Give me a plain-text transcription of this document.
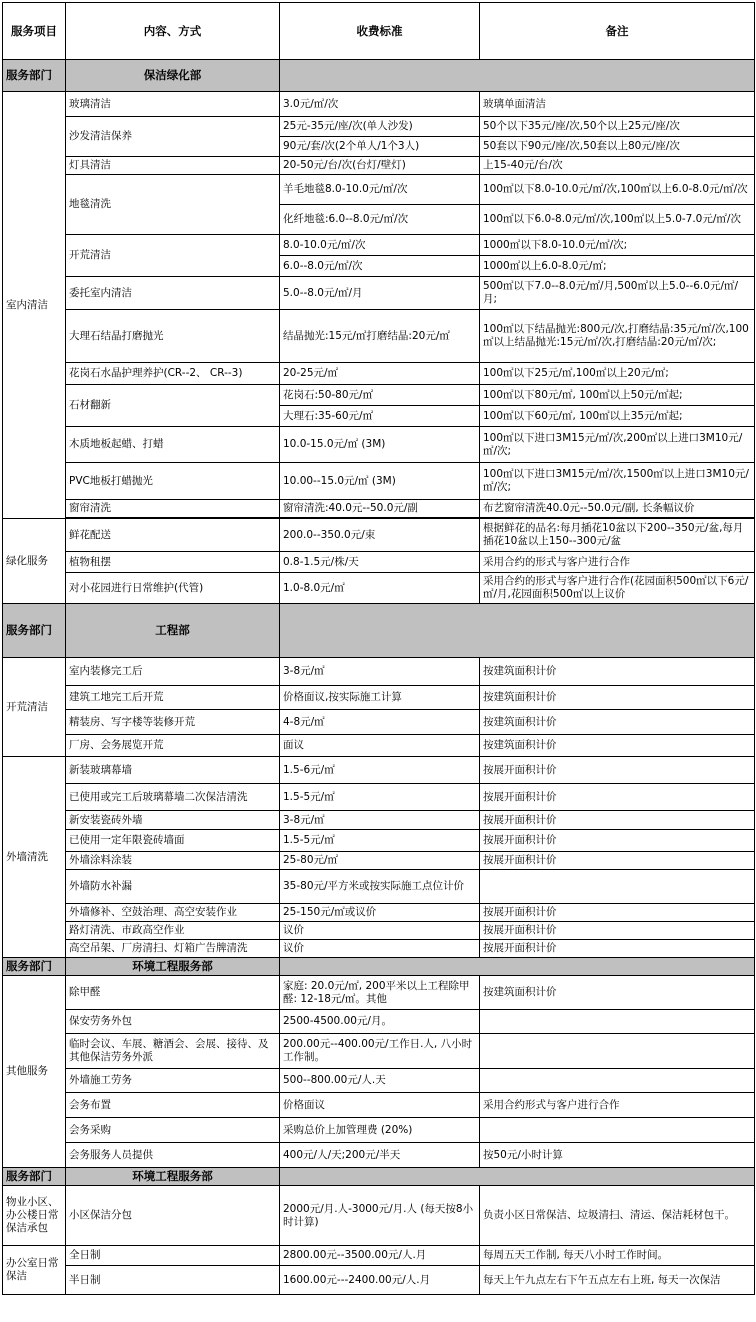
服务项目	内容、方式	收费标准	备注
服务部门	保洁绿化部		
室内清洁	玻璃清洁	3.0元/㎡/次	玻璃单面清洁
	沙发清洁保养	25元-35元/座/次(单人沙发)	50个以下35元/座/次,50个以上25元/座/次
		90元/套/次(2个单人/1个3人)	50套以下90元/座/次,50套以上80元/座/次
	灯具清洁	20-50元/台/次(台灯/壁灯)	上15-40元/台/次
	地毯清洗	羊毛地毯8.0-10.0元/㎡/次	100㎡以下8.0-10.0元/㎡/次,100㎡以上6.0-8.0元/㎡/次
		化纤地毯:6.0--8.0元/㎡/次	100㎡以下6.0-8.0元/㎡/次,100㎡以上5.0-7.0元/㎡/次
	开荒清洁	8.0-10.0元/㎡/次	1000㎡以下8.0-10.0元/㎡/次;
		6.0--8.0元/㎡/次	1000㎡以上6.0-8.0元/㎡;
	委托室内清洁	5.0--8.0元/㎡/月	500㎡以下7.0--8.0元/㎡/月,500㎡以上5.0--6.0元/㎡/月;
	大理石结晶打磨抛光	结晶抛光:15元/㎡打磨结晶:20元/㎡	100㎡以下结晶抛光:800元/次,打磨结晶:35元/㎡/次,100㎡以上结晶抛光:15元/㎡/次,打磨结晶:20元/㎡/次;
	花岗石水晶护理养护(CR--2、 CR--3)	20-25元/㎡	100㎡以下25元/㎡,100㎡以上20元/㎡;
	石材翻新	花岗石:50-80元/㎡	100㎡以下80元/㎡, 100㎡以上50元/㎡起;
		大理石:35-60元/㎡	100㎡以下60元/㎡, 100㎡以上35元/㎡起;
	木质地板起蜡、打蜡	10.0-15.0元/㎡ (3M)	100㎡以下进口3M15元/㎡/次,200㎡以上进口3M10元/㎡/次;
	PVC地板打蜡抛光	10.00--15.0元/㎡ (3M)	100㎡以下进口3M15元/㎡/次,1500㎡以上进口3M10元/㎡/次;
	窗帘清洗	窗帘清洗:40.0元--50.0元/副	布艺窗帘清洗40.0元--50.0元/副, 长条幅议价

绿化服务	鲜花配送	200.0--350.0元/束	根据鲜花的品名:每月插花10盆以下200--350元/盆,每月插花10盆以上150--300元/盆
	植物租摆	0.8-1.5元/株/天	采用合约的形式与客户进行合作
	对小花园进行日常维护(代管)	1.0-8.0元/㎡	采用合约的形式与客户进行合作(花园面积500㎡以下6元/㎡/月,花园面积500㎡以上议价
服务部门	工程部		
开荒清洁	室内装修完工后	3-8元/㎡	按建筑面积计价
	建筑工地完工后开荒	价格面议,按实际施工计算	按建筑面积计价
	精装房、写字楼等装修开荒	4-8元/㎡	按建筑面积计价
	厂房、会务展览开荒	面议	按建筑面积计价
外墙清洗	新装玻璃幕墙	1.5-6元/㎡	按展开面积计价
	已使用或完工后玻璃幕墙二次保洁清洗	1.5-5元/㎡	按展开面积计价
	新安装瓷砖外墙	3-8元/㎡	按展开面积计价
	已使用一定年限瓷砖墙面	1.5-5元/㎡	按展开面积计价
	外墙涂料涂装	25-80元/㎡	按展开面积计价
	外墙防水补漏	35-80元/平方米或按实际施工点位计价	
	外墙修补、空鼓治理、高空安装作业	25-150元/㎡或议价	按展开面积计价
	路灯清洗、市政高空作业	议价	按展开面积计价
	高空吊架、厂房清扫、灯箱广告牌清洗	议价	按展开面积计价
服务部门	环境工程服务部		
其他服务	除甲醛	家庭: 20.0元/㎡, 200平米以上工程除甲醛: 12-18元/㎡。其他	按建筑面积计价
	保安劳务外包	2500-4500.00元/月。	
	临时会议、车展、糖酒会、会展、接待、及其他保洁劳务外派	200.00元--400.00元/工作日.人, 八小时工作制。	
	外墙施工劳务	500--800.00元/人.天	
	会务布置	价格面议	采用合约形式与客户进行合作
	会务采购	采购总价上加管理费 (20%)	
	会务服务人员提供	400元/人/天;200元/半天	按50元/小时计算
服务部门	环境工程服务部		
物业小区、办公楼日常保洁承包	小区保洁分包	2000元/月.人-3000元/月.人 (每天按8小时计算)	负责小区日常保洁、垃圾清扫、清运、保洁耗材包干。
办公室日常保洁	全日制	2800.00元--3500.00元/人.月	每周五天工作制, 每天八小时工作时间。
	半日制	1600.00元---2400.00元/人.月	每天上午九点左右下午五点左右上班, 每天一次保洁
